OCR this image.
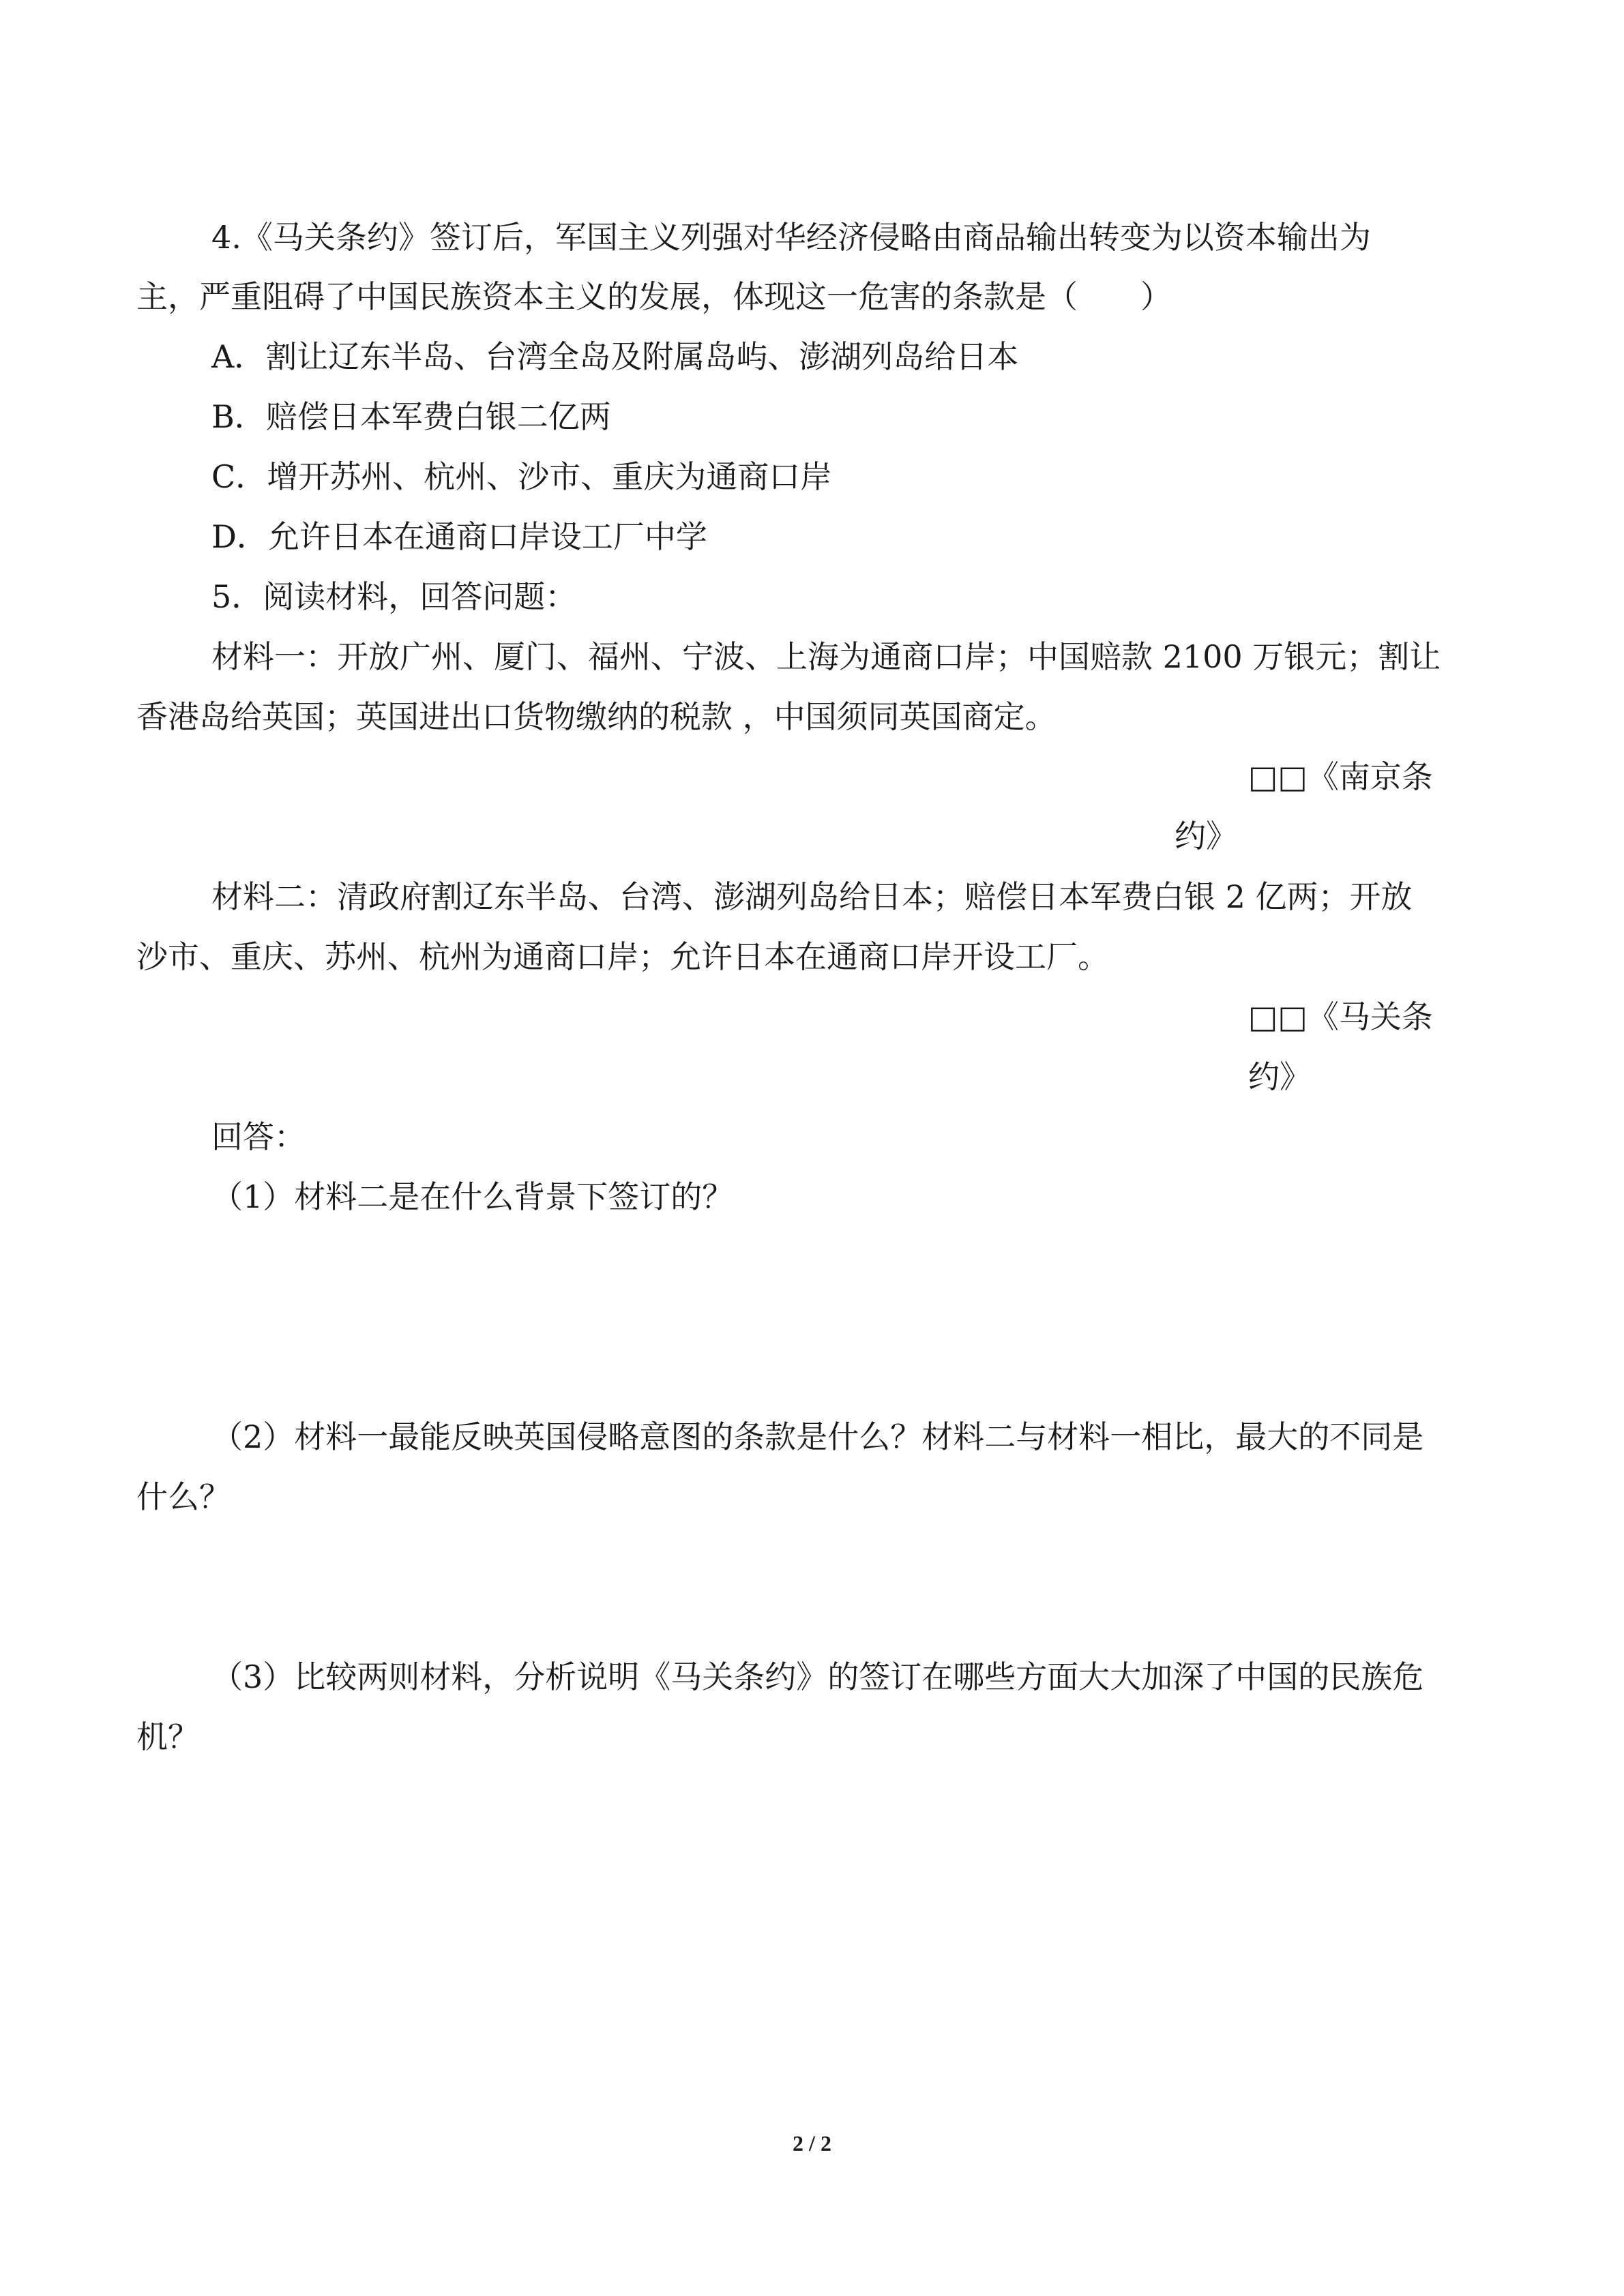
4.《马关条约》签订后，军国主义列强对华经济侵略由商品输出转变为以资本输出为

主，严重阻碍了中国民族资本主义的发展，体现这一危害的条款是（　　）

A．割让辽东半岛、台湾全岛及附属岛屿、澎湖列岛给日本

B．赔偿日本军费白银二亿两

C．增开苏州、杭州、沙市、重庆为通商口岸

D．允许日本在通商口岸设工厂中学

5．阅读材料，回答问题：

材料一：开放广州、厦门、福州、宁波、上海为通商口岸；中国赔款 2100 万银元；割让

香港岛给英国；英国进出口货物缴纳的税款 ，中国须同英国商定。

□□《南京条
约》

材料二：清政府割辽东半岛、台湾、澎湖列岛给日本；赔偿日本军费白银 2 亿两；开放

沙市、重庆、苏州、杭州为通商口岸；允许日本在通商口岸开设工厂。

□□《马关条
约》

回答：

（1）材料二是在什么背景下签订的？

（2）材料一最能反映英国侵略意图的条款是什么？材料二与材料一相比，最大的不同是

什么？

（3）比较两则材料，分析说明《马关条约》的签订在哪些方面大大加深了中国的民族危

机？

2 / 2
